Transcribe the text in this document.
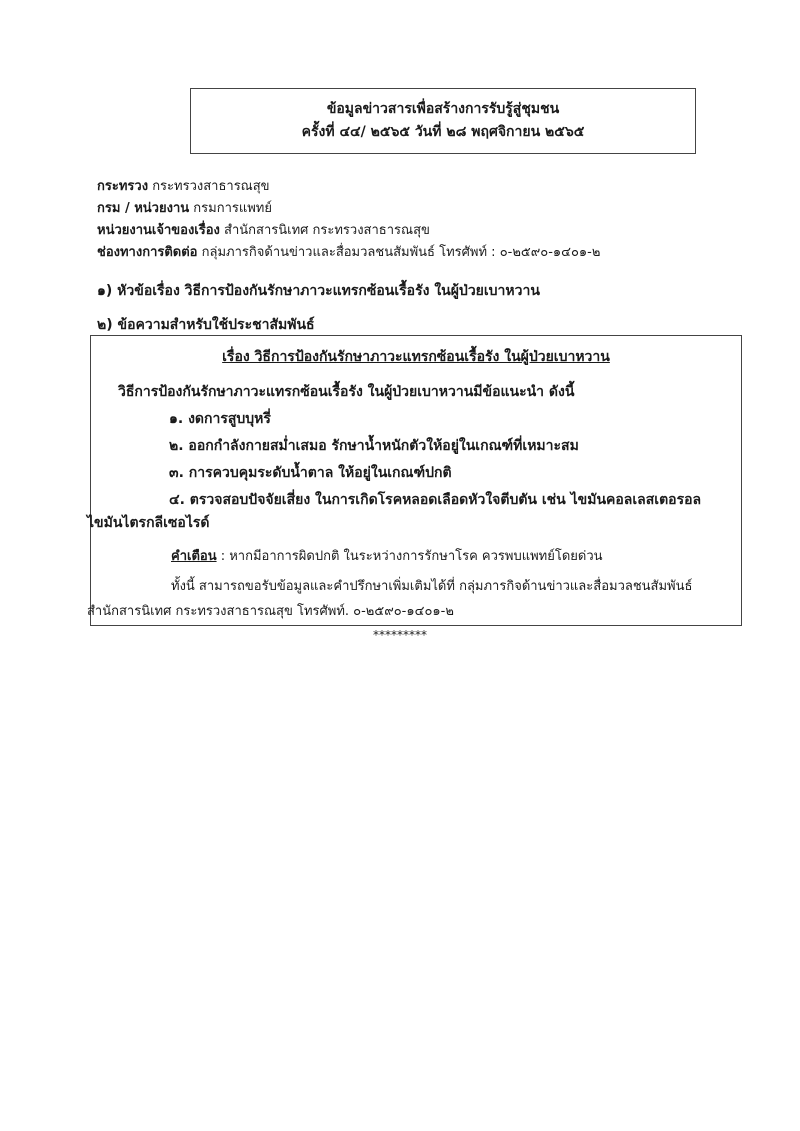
ข้อมูลข่าวสารเพื่อสร้างการรับรู้สู่ชุมชน
ครั้งที่ ๔๔/ ๒๕๖๕ วันที่ ๒๘ พฤศจิกายน ๒๕๖๕
กระทรวง กระทรวงสาธารณสุข
กรม / หน่วยงาน กรมการแพทย์
หน่วยงานเจ้าของเรื่อง สำนักสารนิเทศ กระทรวงสาธารณสุข
ช่องทางการติดต่อ กลุ่มภารกิจด้านข่าวและสื่อมวลชนสัมพันธ์ โทรศัพท์ : ๐-๒๕๙๐-๑๔๐๑-๒
๑) หัวข้อเรื่อง วิธีการป้องกันรักษาภาวะแทรกซ้อนเรื้อรัง ในผู้ป่วยเบาหวาน
๒) ข้อความสำหรับใช้ประชาสัมพันธ์
เรื่อง วิธีการป้องกันรักษาภาวะแทรกซ้อนเรื้อรัง ในผู้ป่วยเบาหวาน
วิธีการป้องกันรักษาภาวะแทรกซ้อนเรื้อรัง ในผู้ป่วยเบาหวานมีข้อแนะนำ ดังนี้
๑. งดการสูบบุหรี่
๒. ออกกำลังกายสม่ำเสมอ รักษาน้ำหนักตัวให้อยู่ในเกณฑ์ที่เหมาะสม
๓. การควบคุมระดับน้ำตาล ให้อยู่ในเกณฑ์ปกติ
๔. ตรวจสอบปัจจัยเสี่ยง ในการเกิดโรคหลอดเลือดหัวใจตีบตัน เช่น ไขมันคอลเลสเตอรอล
ไขมันไตรกลีเซอไรด์
คำเตือน : หากมีอาการผิดปกติ ในระหว่างการรักษาโรค ควรพบแพทย์โดยด่วน
ทั้งนี้ สามารถขอรับข้อมูลและคำปรึกษาเพิ่มเติมได้ที่ กลุ่มภารกิจด้านข่าวและสื่อมวลชนสัมพันธ์
สำนักสารนิเทศ กระทรวงสาธารณสุข โทรศัพท์. ๐-๒๕๙๐-๑๔๐๑-๒
*********
